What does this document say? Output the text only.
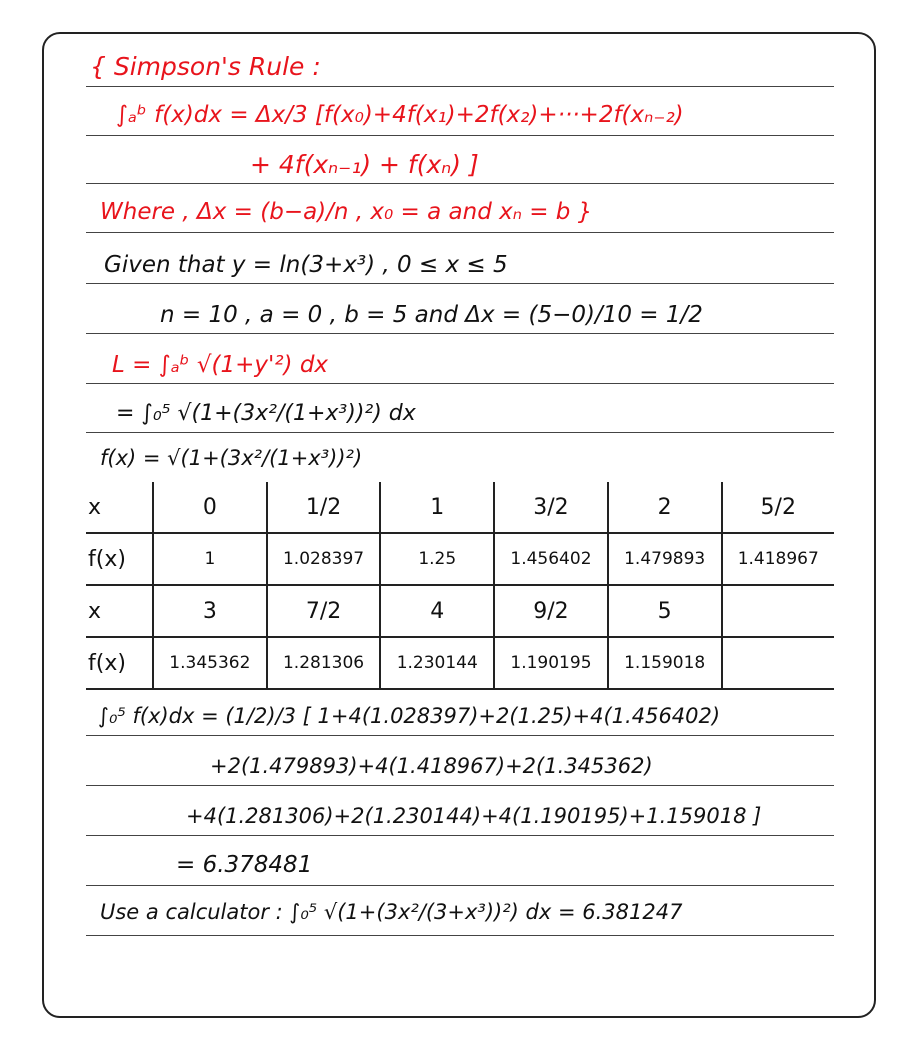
{ Simpson's Rule :
∫ₐᵇ f(x)dx = Δx/3 [f(x₀)+4f(x₁)+2f(x₂)+···+2f(xₙ₋₂)
+ 4f(xₙ₋₁) + f(xₙ) ]
Where , Δx = (b−a)/n , x₀ = a and xₙ = b }
Given that y = ln(3+x³) , 0 ≤ x ≤ 5
n = 10 , a = 0 , b = 5 and Δx = (5−0)/10 = 1/2
L = ∫ₐᵇ √(1+y'²) dx
= ∫₀⁵ √(1+(3x²/(1+x³))²) dx
f(x) = √(1+(3x²/(1+x³))²)
x	0	1/2	1	3/2	2	5/2
f(x)	1	1.028397	1.25	1.456402	1.479893	1.418967
x	3	7/2	4	9/2	5	
f(x)	1.345362	1.281306	1.230144	1.190195	1.159018	
∫₀⁵ f(x)dx = (1/2)/3 [ 1+4(1.028397)+2(1.25)+4(1.456402)
+2(1.479893)+4(1.418967)+2(1.345362)
+4(1.281306)+2(1.230144)+4(1.190195)+1.159018 ]
= 6.378481
Use a calculator : ∫₀⁵ √(1+(3x²/(3+x³))²) dx = 6.381247
